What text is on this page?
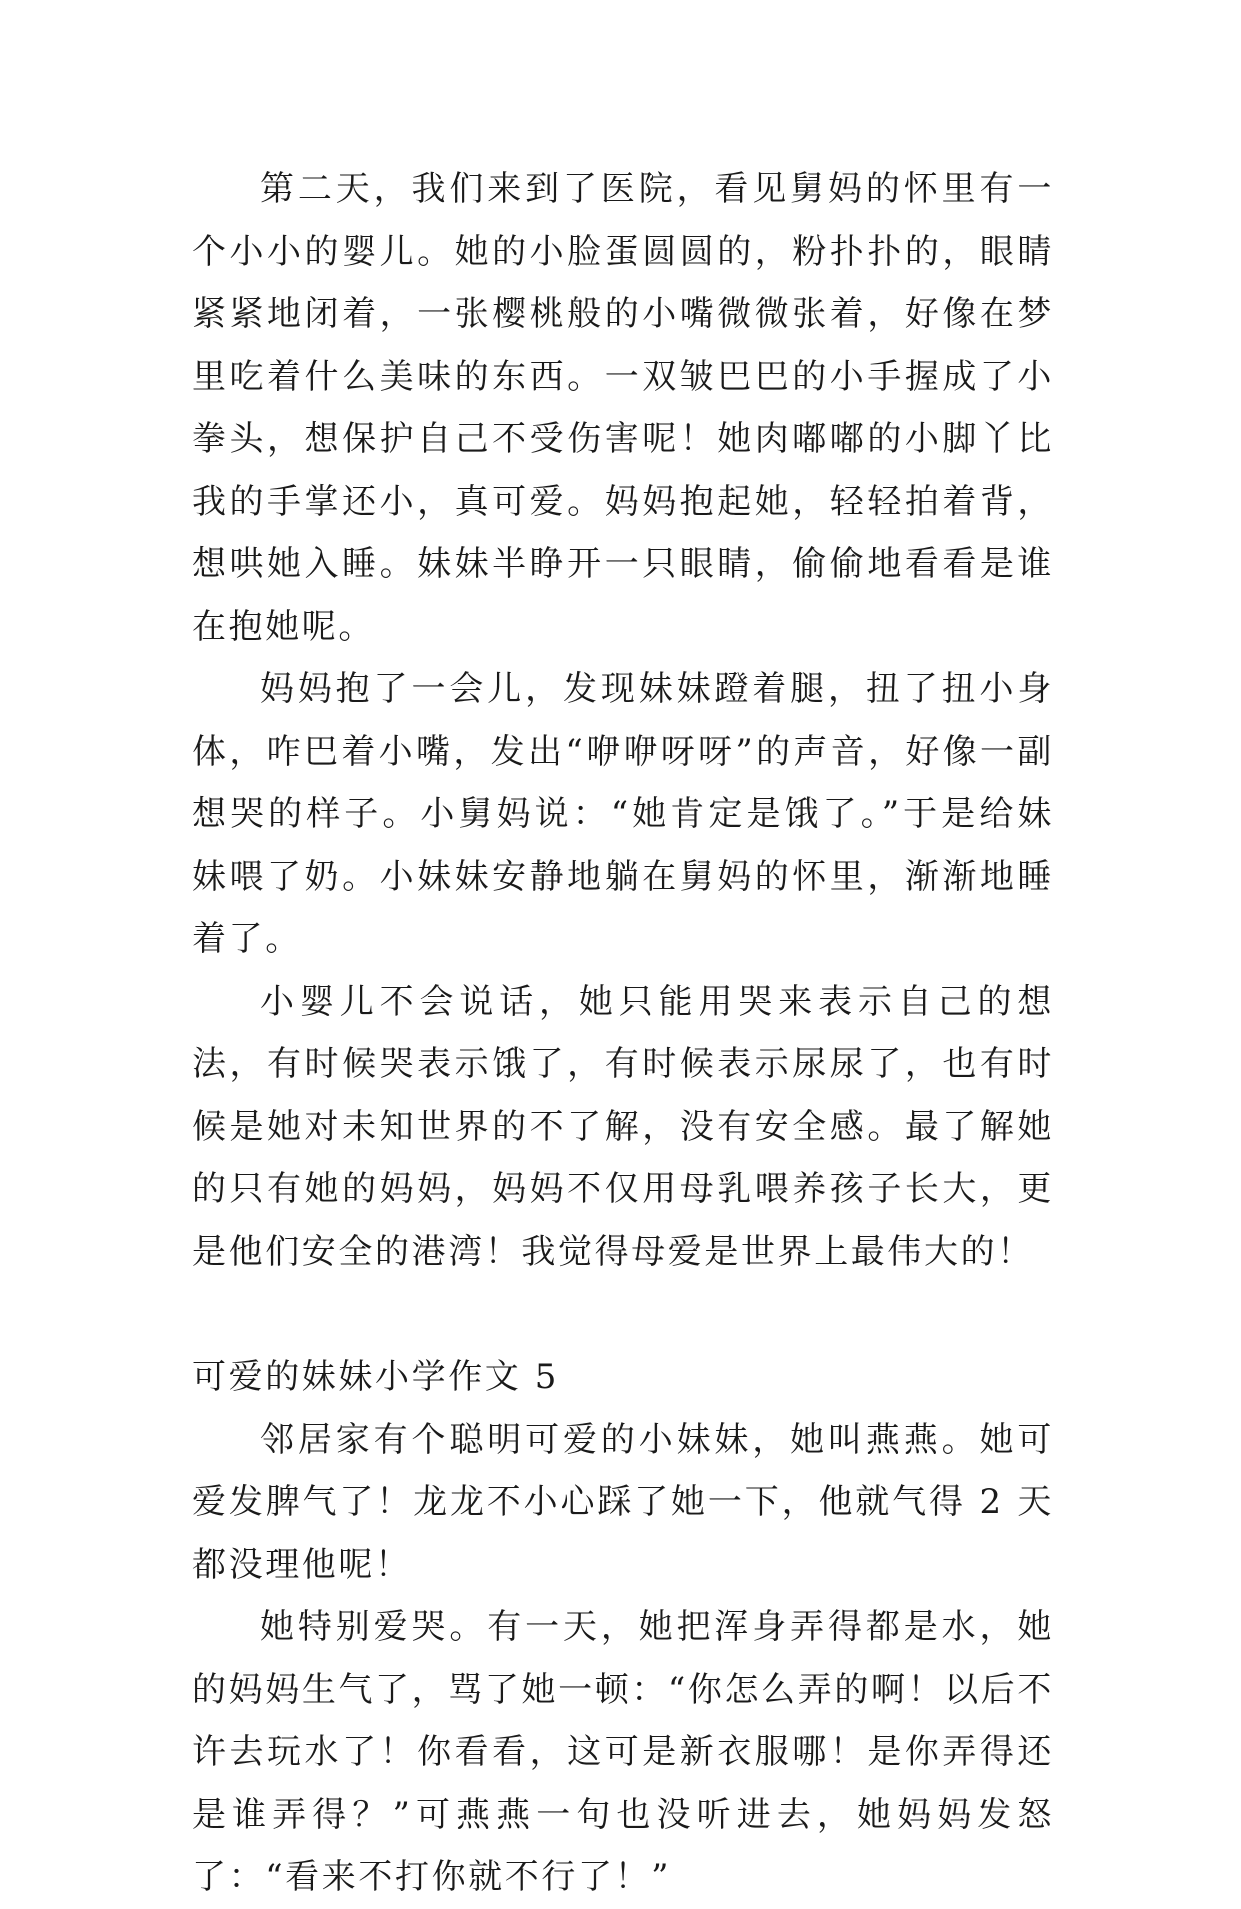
第二天，我们来到了医院，看见舅妈的怀里有一个小小的婴儿。她的小脸蛋圆圆的，粉扑扑的，眼睛紧紧地闭着，一张樱桃般的小嘴微微张着，好像在梦里吃着什么美味的东西。一双皱巴巴的小手握成了小拳头，想保护自己不受伤害呢！她肉嘟嘟的小脚丫比我的手掌还小，真可爱。妈妈抱起她，轻轻拍着背，想哄她入睡。妹妹半睁开一只眼睛，偷偷地看看是谁在抱她呢。

妈妈抱了一会儿，发现妹妹蹬着腿，扭了扭小身体，咋巴着小嘴，发出“咿咿呀呀”的声音，好像一副想哭的样子。小舅妈说：“她肯定是饿了。”于是给妹妹喂了奶。小妹妹安静地躺在舅妈的怀里，渐渐地睡着了。

小婴儿不会说话，她只能用哭来表示自己的想法，有时候哭表示饿了，有时候表示尿尿了，也有时候是她对未知世界的不了解，没有安全感。最了解她的只有她的妈妈，妈妈不仅用母乳喂养孩子长大，更是他们安全的港湾！我觉得母爱是世界上最伟大的！

可爱的妹妹小学作文 5

邻居家有个聪明可爱的小妹妹，她叫燕燕。她可爱发脾气了！龙龙不小心踩了她一下，他就气得 2 天都没理他呢！

她特别爱哭。有一天，她把浑身弄得都是水，她的妈妈生气了，骂了她一顿：“你怎么弄的啊！以后不许去玩水了！你看看，这可是新衣服哪！是你弄得还是谁弄得？”可燕燕一句也没听进去，她妈妈发怒了：“看来不打你就不行了！”
